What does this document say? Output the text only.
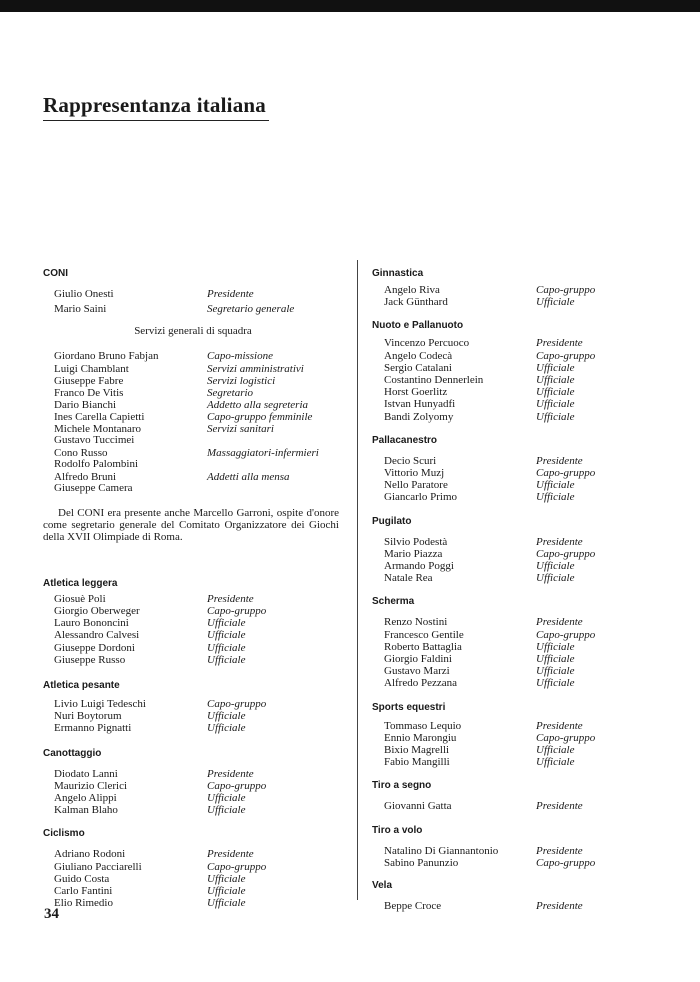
Rappresentanza italiana
CONI
Giulio Onesti	Presidente
Mario Saini	Segretario generale
Servizi generali di squadra
Giordano Bruno Fabjan	Capo-missione
Luigi Chamblant	Servizi amministrativi
Giuseppe Fabre	Servizi logistici
Franco De Vitis	Segretario
Dario Bianchi	Addetto alla segreteria
Ines Carella Capietti	Capo-gruppo femminile
Michele Montanaro	Servizi sanitari
Gustavo Tuccimei
Cono Russo	Massaggiatori-infermieri
Rodolfo Palombini
Alfredo Bruni	Addetti alla mensa
Giuseppe Camera

Del CONI era presente anche Marcello Garroni, ospite d'onore come segretario generale del Comitato Organizzatore dei Giochi della XVII Olimpiade di Roma.

Atletica leggera
Giosuè Poli	Presidente
Giorgio Oberweger	Capo-gruppo
Lauro Bononcini	Ufficiale
Alessandro Calvesi	Ufficiale
Giuseppe Dordoni	Ufficiale
Giuseppe Russo	Ufficiale
Atletica pesante
Livio Luigi Tedeschi	Capo-gruppo
Nuri Boytorum	Ufficiale
Ermanno Pignatti	Ufficiale
Canottaggio
Diodato Lanni	Presidente
Maurizio Clerici	Capo-gruppo
Angelo Alippi	Ufficiale
Kalman Blaho	Ufficiale
Ciclismo
Adriano Rodoni	Presidente
Giuliano Pacciarelli	Capo-gruppo
Guido Costa	Ufficiale
Carlo Fantini	Ufficiale
Elio Rimedio	Ufficiale
Ginnastica
Angelo Riva	Capo-gruppo
Jack Günthard	Ufficiale
Nuoto e Pallanuoto
Vincenzo Percuoco	Presidente
Angelo Codecà	Capo-gruppo
Sergio Catalani	Ufficiale
Costantino Dennerlein	Ufficiale
Horst Goerlitz	Ufficiale
Istvan Hunyadfi	Ufficiale
Bandi Zolyomy	Ufficiale
Pallacanestro
Decio Scuri	Presidente
Vittorio Muzj	Capo-gruppo
Nello Paratore	Ufficiale
Giancarlo Primo	Ufficiale
Pugilato
Silvio Podestà	Presidente
Mario Piazza	Capo-gruppo
Armando Poggi	Ufficiale
Natale Rea	Ufficiale
Scherma
Renzo Nostini	Presidente
Francesco Gentile	Capo-gruppo
Roberto Battaglia	Ufficiale
Giorgio Faldini	Ufficiale
Gustavo Marzi	Ufficiale
Alfredo Pezzana	Ufficiale
Sports equestri
Tommaso Lequio	Presidente
Ennio Marongiu	Capo-gruppo
Bixio Magrelli	Ufficiale
Fabio Mangilli	Ufficiale
Tiro a segno
Giovanni Gatta	Presidente
Tiro a volo
Natalino Di Giannantonio	Presidente
Sabino Panunzio	Capo-gruppo
Vela
Beppe Croce	Presidente
34
